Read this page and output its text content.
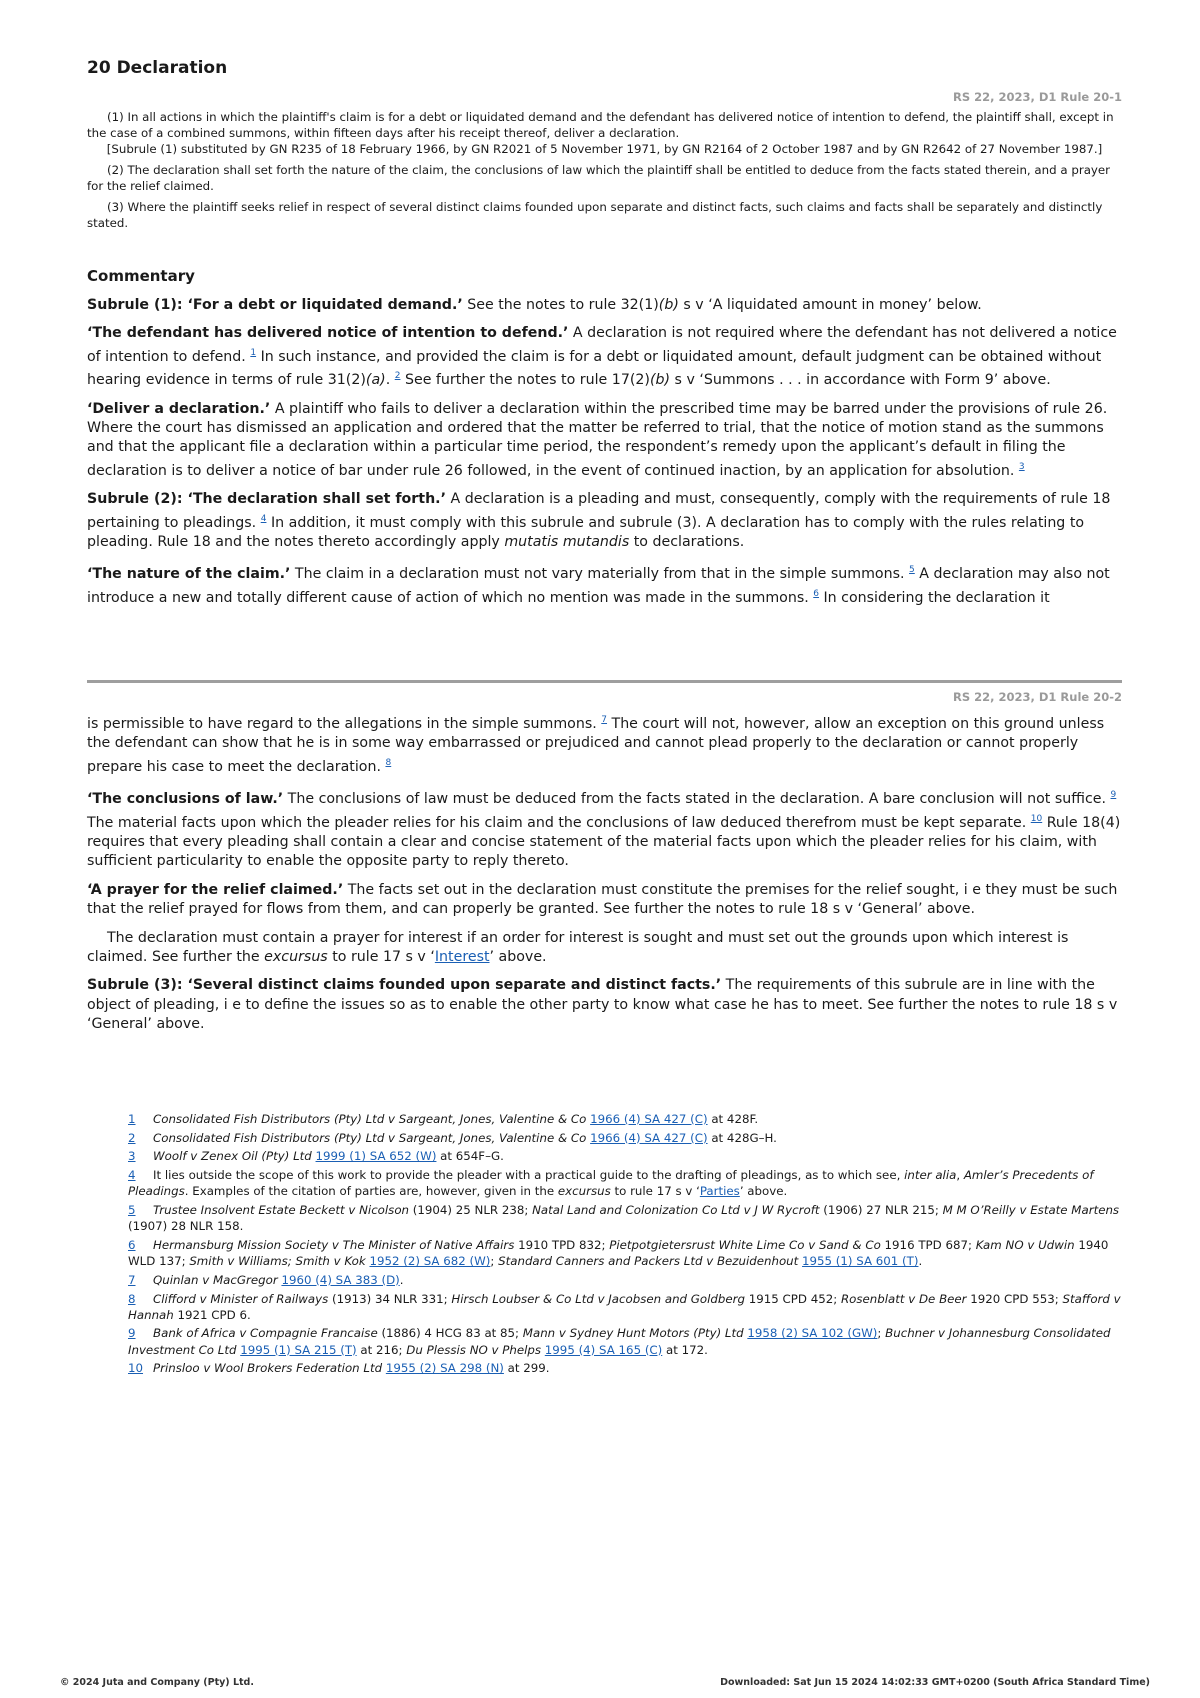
20 Declaration
RS 22, 2023, D1 Rule 20-1

(1) In all actions in which the plaintiff's claim is for a debt or liquidated demand and the defendant has delivered notice of intention to defend, the plaintiff shall, except in the case of a combined summons, within fifteen days after his receipt thereof, deliver a declaration.

[Subrule (1) substituted by GN R235 of 18 February 1966, by GN R2021 of 5 November 1971, by GN R2164 of 2 October 1987 and by GN R2642 of 27 November 1987.]

(2) The declaration shall set forth the nature of the claim, the conclusions of law which the plaintiff shall be entitled to deduce from the facts stated therein, and a prayer for the relief claimed.

(3) Where the plaintiff seeks relief in respect of several distinct claims founded upon separate and distinct facts, such claims and facts shall be separately and distinctly stated.

Commentary

Subrule (1): ‘For a debt or liquidated demand.’ See the notes to rule 32(1)(b) s v ‘A liquidated amount in money’ below.

‘The defendant has delivered notice of intention to defend.’ A declaration is not required where the defendant has not delivered a notice of intention to defend. $^1$ In such instance, and provided the claim is for a debt or liquidated amount, default judgment can be obtained without hearing evidence in terms of rule 31(2)(a). $^2$ See further the notes to rule 17(2)(b) s v ‘Summons . . . in accordance with Form 9’ above.

‘Deliver a declaration.’ A plaintiff who fails to deliver a declaration within the prescribed time may be barred under the provisions of rule 26. Where the court has dismissed an application and ordered that the matter be referred to trial, that the notice of motion stand as the summons and that the applicant file a declaration within a particular time period, the respondent’s remedy upon the applicant’s default in filing the declaration is to deliver a notice of bar under rule 26 followed, in the event of continued inaction, by an application for absolution. $^3$

Subrule (2): ‘The declaration shall set forth.’ A declaration is a pleading and must, consequently, comply with the requirements of rule 18 pertaining to pleadings. $^4$ In addition, it must comply with this subrule and subrule (3). A declaration has to comply with the rules relating to pleading. Rule 18 and the notes thereto accordingly apply mutatis mutandis to declarations.

‘The nature of the claim.’ The claim in a declaration must not vary materially from that in the simple summons. $^5$ A declaration may also not introduce a new and totally different cause of action of which no mention was made in the summons. $^6$ In considering the declaration it

RS 22, 2023, D1 Rule 20-2

is permissible to have regard to the allegations in the simple summons. $^7$ The court will not, however, allow an exception on this ground unless the defendant can show that he is in some way embarrassed or prejudiced and cannot plead properly to the declaration or cannot properly prepare his case to meet the declaration. $^8$

‘The conclusions of law.’ The conclusions of law must be deduced from the facts stated in the declaration. A bare conclusion will not suffice. $^9$ The material facts upon which the pleader relies for his claim and the conclusions of law deduced therefrom must be kept separate. $^{10}$ Rule 18(4) requires that every pleading shall contain a clear and concise statement of the material facts upon which the pleader relies for his claim, with sufficient particularity to enable the opposite party to reply thereto.

‘A prayer for the relief claimed.’ The facts set out in the declaration must constitute the premises for the relief sought, i e they must be such that the relief prayed for flows from them, and can properly be granted. See further the notes to rule 18 s v ‘General’ above.

The declaration must contain a prayer for interest if an order for interest is sought and must set out the grounds upon which interest is claimed. See further the excursus to rule 17 s v ‘Interest’ above.

Subrule (3): ‘Several distinct claims founded upon separate and distinct facts.’ The requirements of this subrule are in line with the object of pleading, i e to define the issues so as to enable the other party to know what case he has to meet. See further the notes to rule 18 s v ‘General’ above.

1 Consolidated Fish Distributors (Pty) Ltd v Sargeant, Jones, Valentine & Co 1966 (4) SA 427 (C) at 428F.

2 Consolidated Fish Distributors (Pty) Ltd v Sargeant, Jones, Valentine & Co 1966 (4) SA 427 (C) at 428G–H.

3 Woolf v Zenex Oil (Pty) Ltd 1999 (1) SA 652 (W) at 654F–G.

4 It lies outside the scope of this work to provide the pleader with a practical guide to the drafting of pleadings, as to which see, inter alia, Amler’s Precedents of Pleadings. Examples of the citation of parties are, however, given in the excursus to rule 17 s v ‘Parties’ above.

5 Trustee Insolvent Estate Beckett v Nicolson (1904) 25 NLR 238; Natal Land and Colonization Co Ltd v J W Rycroft (1906) 27 NLR 215; M M O’Reilly v Estate Martens (1907) 28 NLR 158.

6 Hermansburg Mission Society v The Minister of Native Affairs 1910 TPD 832; Pietpotgietersrust White Lime Co v Sand & Co 1916 TPD 687; Kam NO v Udwin 1940 WLD 137; Smith v Williams; Smith v Kok 1952 (2) SA 682 (W); Standard Canners and Packers Ltd v Bezuidenhout 1955 (1) SA 601 (T).

7 Quinlan v MacGregor 1960 (4) SA 383 (D).

8 Clifford v Minister of Railways (1913) 34 NLR 331; Hirsch Loubser & Co Ltd v Jacobsen and Goldberg 1915 CPD 452; Rosenblatt v De Beer 1920 CPD 553; Stafford v Hannah 1921 CPD 6.

9 Bank of Africa v Compagnie Francaise (1886) 4 HCG 83 at 85; Mann v Sydney Hunt Motors (Pty) Ltd 1958 (2) SA 102 (GW); Buchner v Johannesburg Consolidated Investment Co Ltd 1995 (1) SA 215 (T) at 216; Du Plessis NO v Phelps 1995 (4) SA 165 (C) at 172.

10 Prinsloo v Wool Brokers Federation Ltd 1955 (2) SA 298 (N) at 299.

© 2024 Juta and Company (Pty) Ltd.	Downloaded: Sat Jun 15 2024 14:02:33 GMT+0200 (South Africa Standard Time)
